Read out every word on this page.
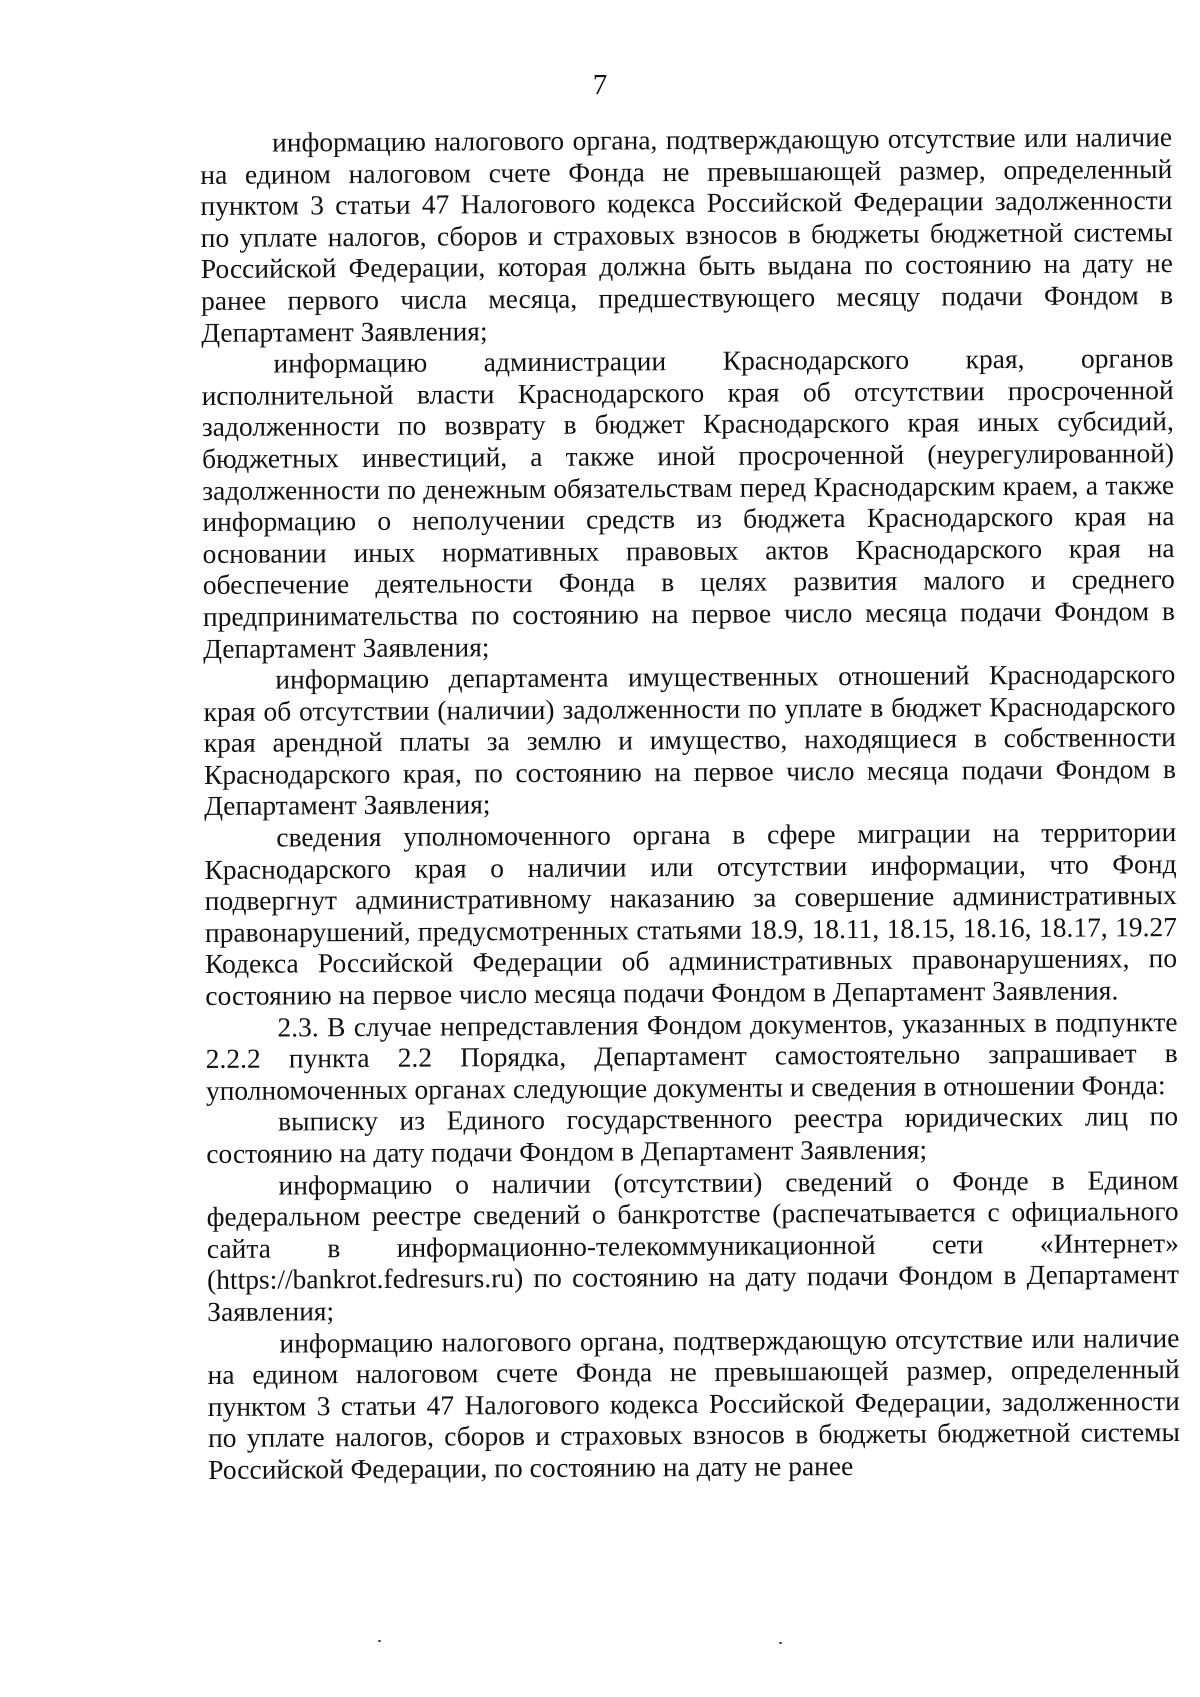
7

информацию налогового органа, подтверждающую отсутствие или наличие на едином налоговом счете Фонда не превышающей размер, определенный пунктом 3 статьи 47 Налогового кодекса Российской Федерации задолженности по уплате налогов, сборов и страховых взносов в бюджеты бюджетной системы Российской Федерации, которая должна быть выдана по состоянию на дату не ранее первого числа месяца, предшествующего месяцу подачи Фондом в Департамент Заявления;

информацию администрации Краснодарского края, органов исполнительной власти Краснодарского края об отсутствии просроченной задолженности по возврату в бюджет Краснодарского края иных субсидий, бюджетных инвестиций, а также иной просроченной (неурегулированной) задолженности по денежным обязательствам перед Краснодарским краем, а также информацию о неполучении средств из бюджета Краснодарского края на основании иных нормативных правовых актов Краснодарского края на обеспечение деятельности Фонда в целях развития малого и среднего предпринимательства по состоянию на первое число месяца подачи Фондом в Департамент Заявления;

информацию департамента имущественных отношений Краснодарского края об отсутствии (наличии) задолженности по уплате в бюджет Краснодарского края арендной платы за землю и имущество, находящиеся в собственности Краснодарского края, по состоянию на первое число месяца подачи Фондом в Департамент Заявления;

сведения уполномоченного органа в сфере миграции на территории Краснодарского края о наличии или отсутствии информации, что Фонд подвергнут административному наказанию за совершение административных правонарушений, предусмотренных статьями 18.9, 18.11, 18.15, 18.16, 18.17, 19.27 Кодекса Российской Федерации об административных правонарушениях, по состоянию на первое число месяца подачи Фондом в Департамент Заявления.

2.3. В случае непредставления Фондом документов, указанных в подпункте 2.2.2 пункта 2.2 Порядка, Департамент самостоятельно запрашивает в уполномоченных органах следующие документы и сведения в отношении Фонда:

выписку из Единого государственного реестра юридических лиц по состоянию на дату подачи Фондом в Департамент Заявления;

информацию о наличии (отсутствии) сведений о Фонде в Едином федеральном реестре сведений о банкротстве (распечатывается с официального сайта в информационно-телекоммуникационной сети «Интернет» (https://bankrot.fedresurs.ru) по состоянию на дату подачи Фондом в Департамент Заявления;

информацию налогового органа, подтверждающую отсутствие или наличие на едином налоговом счете Фонда не превышающей размер, определенный пунктом 3 статьи 47 Налогового кодекса Российской Федерации, задолженности по уплате налогов, сборов и страховых взносов в бюджеты бюджетной системы Российской Федерации, по состоянию на дату не ранее
